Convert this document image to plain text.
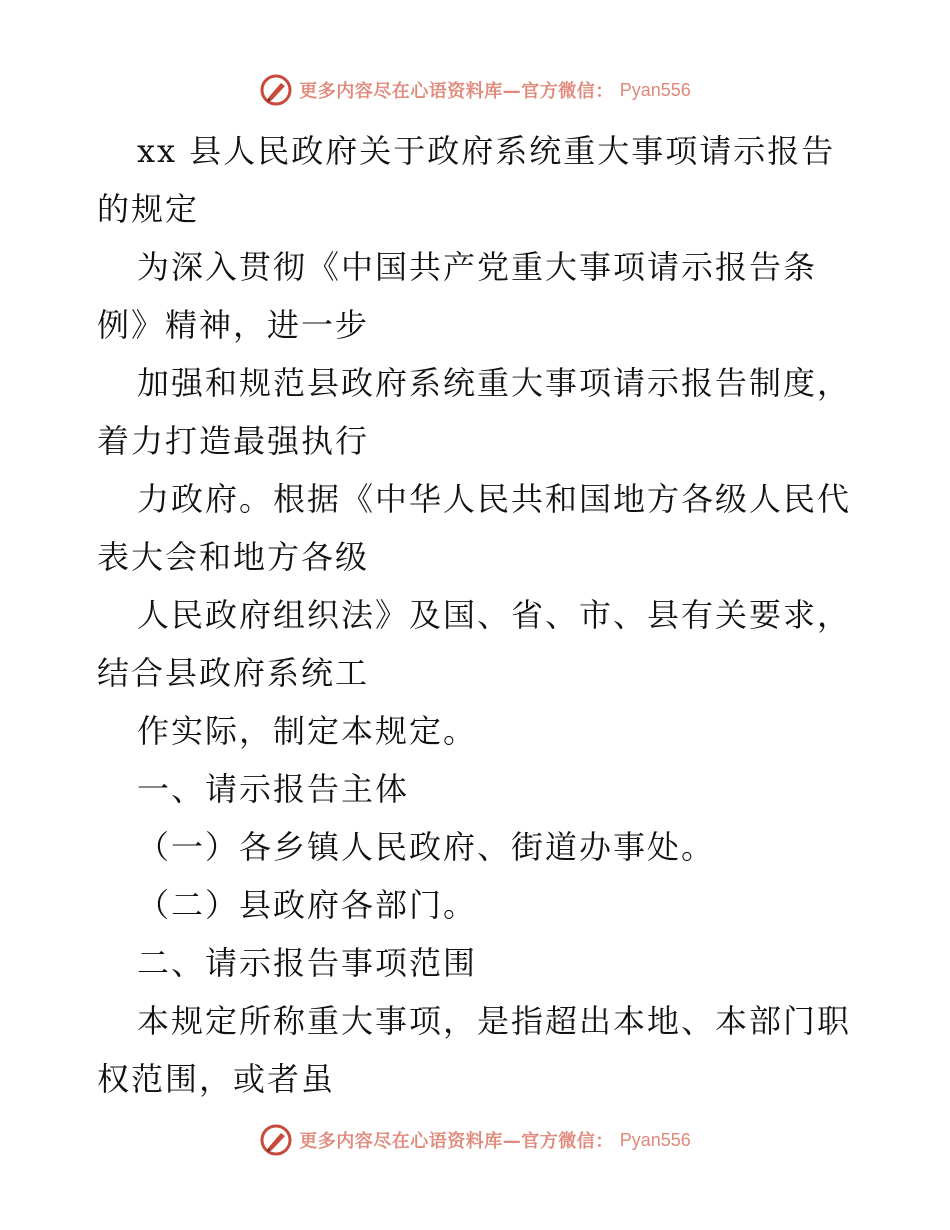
更多内容尽在心语资料库—官方微信： Pyan556
xx 县人民政府关于政府系统重大事项请示报告
的规定
为深入贯彻《中国共产党重大事项请示报告条
例》精神，进一步
加强和规范县政府系统重大事项请示报告制度，
着力打造最强执行
力政府。根据《中华人民共和国地方各级人民代
表大会和地方各级
人民政府组织法》及国、省、市、县有关要求，
结合县政府系统工
作实际，制定本规定。
一、请示报告主体
（一）各乡镇人民政府、街道办事处。
（二）县政府各部门。
二、请示报告事项范围
本规定所称重大事项，是指超出本地、本部门职
权范围，或者虽
更多内容尽在心语资料库—官方微信： Pyan556
